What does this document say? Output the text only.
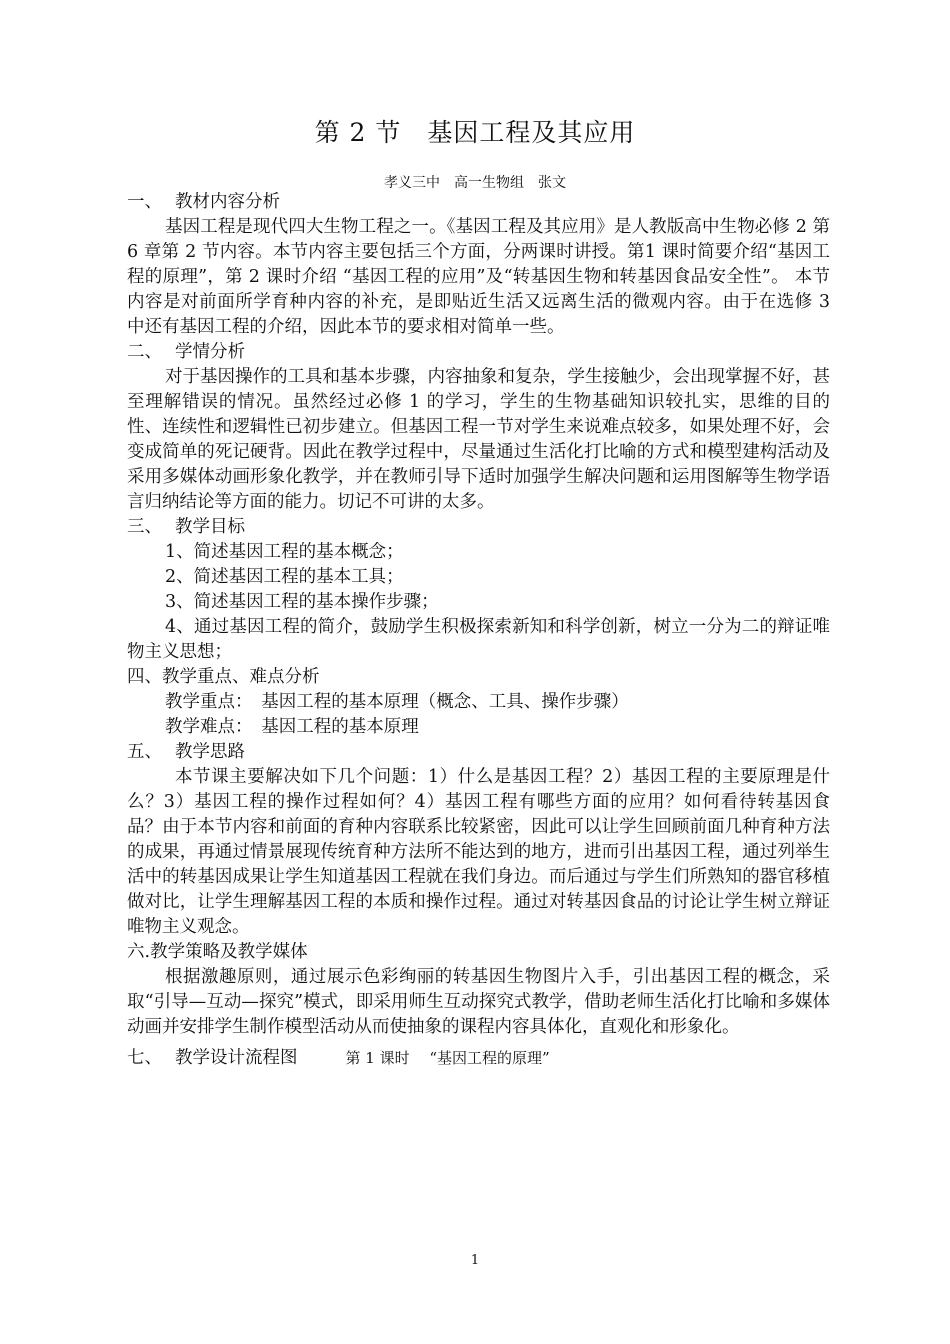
第 2 节　基因工程及其应用
孝义三中　高一生物组　张文
一、 教材内容分析

基因工程是现代四大生物工程之一。《基因工程及其应用》是人教版高中生物必修 2 第 6 章第 2 节内容。本节内容主要包括三个方面，分两课时讲授。第1 课时简要介绍“基因工程的原理”，第 2 课时介绍 “基因工程的应用”及“转基因生物和转基因食品安全性”。 本节内容是对前面所学育种内容的补充，是即贴近生活又远离生活的微观内容。由于在选修 3 中还有基因工程的介绍，因此本节的要求相对简单一些。

二、 学情分析

对于基因操作的工具和基本步骤，内容抽象和复杂，学生接触少，会出现掌握不好，甚至理解错误的情况。虽然经过必修 1 的学习，学生的生物基础知识较扎实，思维的目的性、连续性和逻辑性已初步建立。但基因工程一节对学生来说难点较多，如果处理不好，会变成简单的死记硬背。因此在教学过程中，尽量通过生活化打比喻的方式和模型建构活动及采用多媒体动画形象化教学，并在教师引导下适时加强学生解决问题和运用图解等生物学语言归纳结论等方面的能力。切记不可讲的太多。

三、 教学目标

1、简述基因工程的基本概念；

2、简述基因工程的基本工具；

3、简述基因工程的基本操作步骤；

4、通过基因工程的简介，鼓励学生积极探索新知和科学创新，树立一分为二的辩证唯物主义思想；

四、教学重点、难点分析

教学重点：　基因工程的基本原理（概念、工具、操作步骤）

教学难点：　基因工程的基本原理

五、 教学思路

本节课主要解决如下几个问题：1）什么是基因工程？2）基因工程的主要原理是什么？3）基因工程的操作过程如何？4）基因工程有哪些方面的应用？如何看待转基因食品？由于本节内容和前面的育种内容联系比较紧密，因此可以让学生回顾前面几种育种方法的成果，再通过情景展现传统育种方法所不能达到的地方，进而引出基因工程，通过列举生活中的转基因成果让学生知道基因工程就在我们身边。而后通过与学生们所熟知的器官移植做对比，让学生理解基因工程的本质和操作过程。通过对转基因食品的讨论让学生树立辩证唯物主义观念。

六.教学策略及教学媒体

根据激趣原则，通过展示色彩绚丽的转基因生物图片入手，引出基因工程的概念，采取“引导—互动—探究”模式，即采用师生互动探究式教学，借助老师生活化打比喻和多媒体动画并安排学生制作模型活动从而使抽象的课程内容具体化，直观化和形象化。

七、 教学设计流程图	第 1 课时　 “基因工程的原理”
1
